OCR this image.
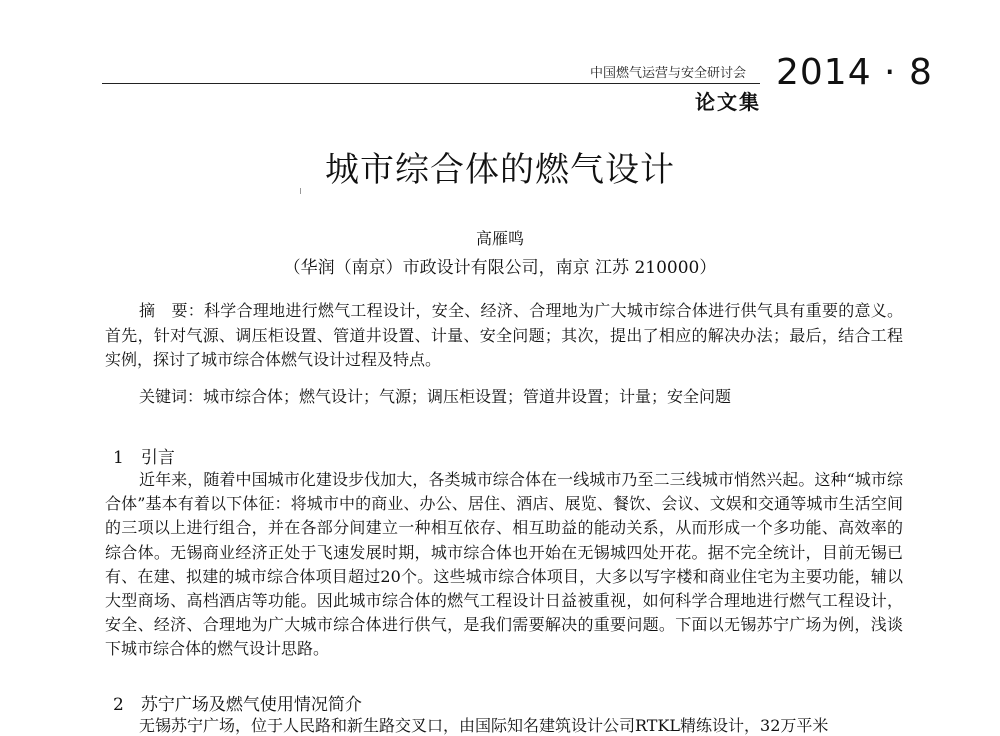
中国燃气运营与安全研讨会 2014 · 8
论文集
城市综合体的燃气设计
高雁鸣
（华润（南京）市政设计有限公司，南京 江苏 210000）
摘　要：科学合理地进行燃气工程设计，安全、经济、合理地为广大城市综合体进行供气具有重要的意义。首先，针对气源、调压柜设置、管道井设置、计量、安全问题；其次，提出了相应的解决办法；最后，结合工程实例，探讨了城市综合体燃气设计过程及特点。
关键词：城市综合体；燃气设计；气源；调压柜设置；管道井设置；计量；安全问题
1　引言
近年来，随着中国城市化建设步伐加大，各类城市综合体在一线城市乃至二三线城市悄然兴起。这种“城市综合体”基本有着以下体征：将城市中的商业、办公、居住、酒店、展览、餐饮、会议、文娱和交通等城市生活空间的三项以上进行组合，并在各部分间建立一种相互依存、相互助益的能动关系，从而形成一个多功能、高效率的综合体。无锡商业经济正处于飞速发展时期，城市综合体也开始在无锡城四处开花。据不完全统计，目前无锡已有、在建、拟建的城市综合体项目超过20个。这些城市综合体项目，大多以写字楼和商业住宅为主要功能，辅以大型商场、高档酒店等功能。因此城市综合体的燃气工程设计日益被重视，如何科学合理地进行燃气工程设计，安全、经济、合理地为广大城市综合体进行供气，是我们需要解决的重要问题。下面以无锡苏宁广场为例，浅谈下城市综合体的燃气设计思路。
2　苏宁广场及燃气使用情况简介
无锡苏宁广场，位于人民路和新生路交叉口，由国际知名建筑设计公司RTKL精练设计，32万平米
